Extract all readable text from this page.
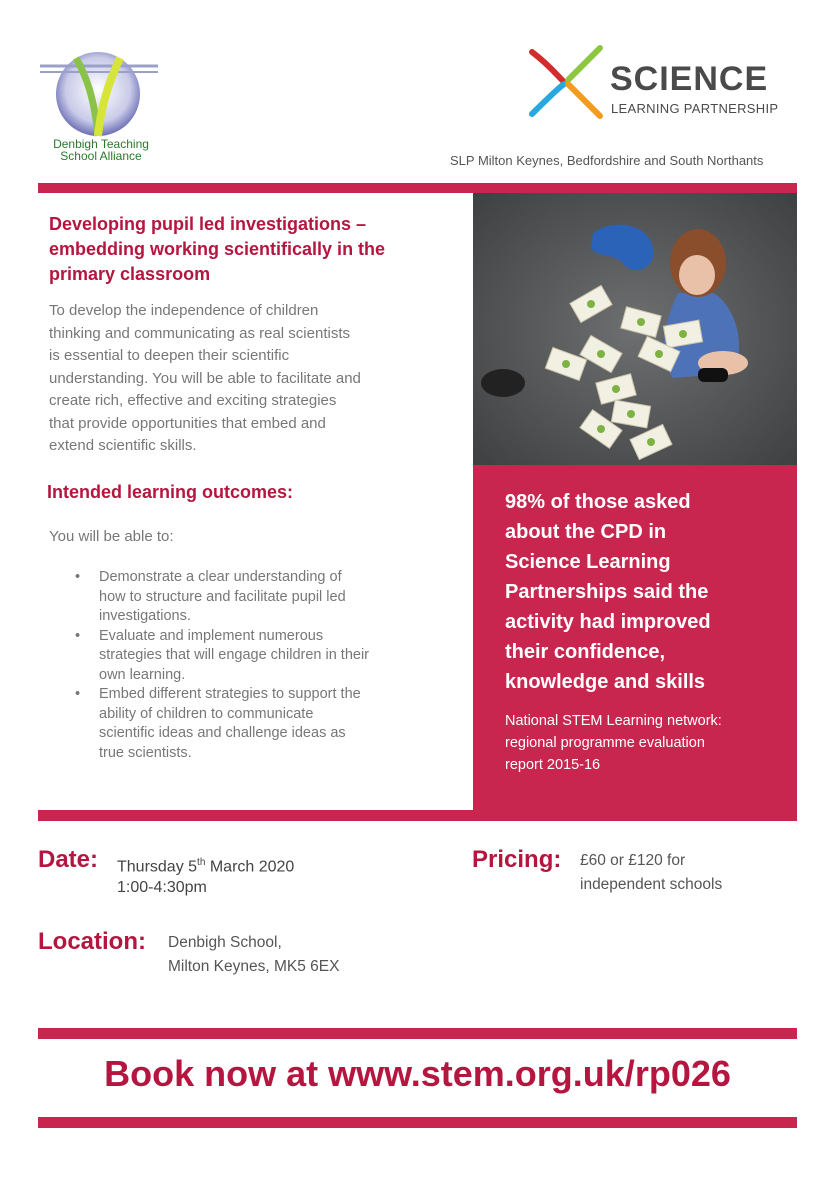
Denbigh Teaching
School Alliance
SCIENCE
LEARNING PARTNERSHIP
SLP Milton Keynes, Bedfordshire and South Northants
Developing pupil led investigations –
embedding working scientifically in the
primary classroom
To develop the independence of children
thinking and communicating as real scientists
is essential to deepen their scientific
understanding. You will be able to facilitate and
create rich, effective and exciting strategies
that provide opportunities that embed and
extend scientific skills.
Intended learning outcomes:
You will be able to:
• Demonstrate a clear understanding of
how to structure and facilitate pupil led
investigations.
• Evaluate and implement numerous
strategies that will engage children in their
own learning.
• Embed different strategies to support the
ability of children to communicate
scientific ideas and challenge ideas as
true scientists.
98% of those asked
about the CPD in
Science Learning
Partnerships said the
activity had improved
their confidence,
knowledge and skills
National STEM Learning network:
regional programme evaluation
report 2015-16
Date: Thursday 5th March 2020
1:00-4:30pm
Pricing: £60 or £120 for
independent schools
Location: Denbigh School,
Milton Keynes, MK5 6EX
Book now at www.stem.org.uk/rp026
